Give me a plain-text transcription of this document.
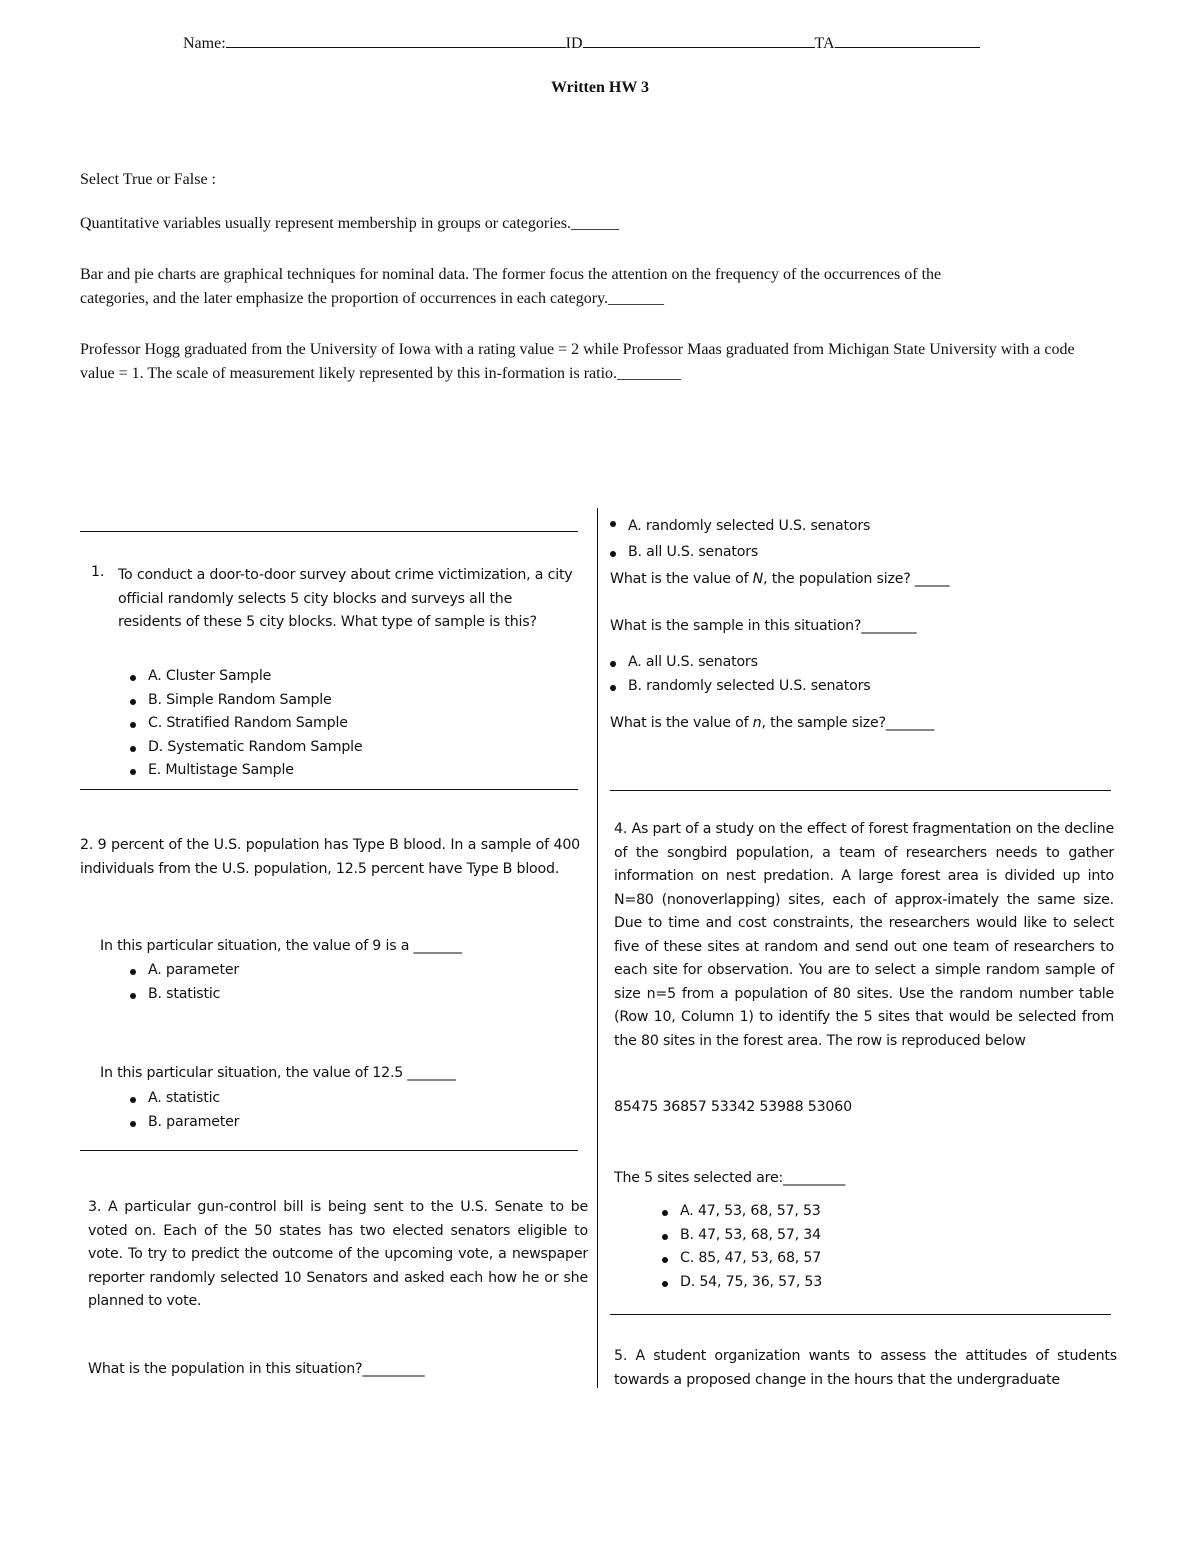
Name:	ID	TA
Written HW 3
Select True or False :

Quantitative variables usually represent membership in groups or categories.______

Bar and pie charts are graphical techniques for nominal data. The former focus the attention on the frequency of the occurrences of the categories, and the later emphasize the proportion of occurrences in each category._______

Professor Hogg graduated from the University of Iowa with a rating value = 2 while Professor Maas graduated from Michigan State University with a code value = 1. The scale of measurement likely represented by this in-formation is ratio.________

1. To conduct a door-to-door survey about crime victimization, a city official randomly selects 5 city blocks and surveys all the residents of these 5 city blocks. What type of sample is this?

A. Cluster Sample
B. Simple Random Sample
C. Stratified Random Sample
D. Systematic Random Sample
E. Multistage Sample

2. 9 percent of the U.S. population has Type B blood. In a sample of 400 individuals from the U.S. population, 12.5 percent have Type B blood.

In this particular situation, the value of 9 is a _______
A. parameter
B. statistic
In this particular situation, the value of 12.5 _______
A. statistic
B. parameter

3. A particular gun-control bill is being sent to the U.S. Senate to be voted on. Each of the 50 states has two elected senators eligible to vote. To try to predict the outcome of the upcoming vote, a newspaper reporter randomly selected 10 Senators and asked each how he or she planned to vote.

What is the population in this situation?_________
A. randomly selected U.S. senators
B. all U.S. senators
What is the value of N, the population size? _____
What is the sample in this situation?________
A. all U.S. senators
B. randomly selected U.S. senators
What is the value of n, the sample size?_______

4. As part of a study on the effect of forest fragmentation on the decline of the songbird population, a team of researchers needs to gather information on nest predation. A large forest area is divided up into N=80 (nonoverlapping) sites, each of approx-imately the same size. Due to time and cost constraints, the researchers would like to select five of these sites at random and send out one team of researchers to each site for observation. You are to select a simple random sample of size n=5 from a population of 80 sites. Use the random number table (Row 10, Column 1) to identify the 5 sites that would be selected from the 80 sites in the forest area. The row is reproduced below

85475 36857 53342 53988 53060
The 5 sites selected are:_________
A. 47, 53, 68, 57, 53
B. 47, 53, 68, 57, 34
C. 85, 47, 53, 68, 57
D. 54, 75, 36, 57, 53

5. A student organization wants to assess the attitudes of students towards a proposed change in the hours that the undergraduate
